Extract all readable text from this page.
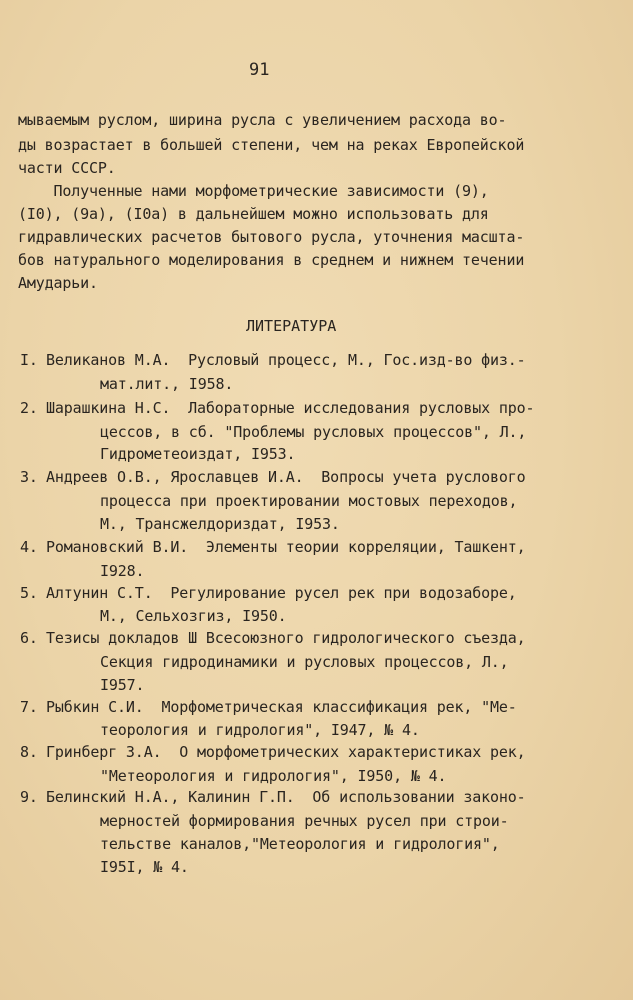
91
мываемым руслом, ширина русла с увеличением расхода во-
ды возрастает в большей степени, чем на реках Европейской
части СССР.
Полученные нами морфометрические зависимости (9),
(I0), (9а), (I0а) в дальнейшем можно использовать для
гидравлических расчетов бытового русла, уточнения масшта-
бов натурального моделирования в среднем и нижнем течении
Амударьи.
ЛИТЕРАТУРА
I. Великанов М.А.  Русловый процесс, М., Гос.изд-во физ.-
мат.лит., I958.
2. Шарашкина Н.С.  Лабораторные исследования русловых про-
цессов, в сб. "Проблемы русловых процессов", Л.,
Гидрометеоиздат, I953.
3. Андреев О.В., Ярославцев И.А.  Вопросы учета руслового
процесса при проектировании мостовых переходов,
М., Трансжелдориздат, I953.
4. Романовский В.И.  Элементы теории корреляции, Ташкент,
I928.
5. Алтунин С.Т.  Регулирование русел рек при водозаборе,
М., Сельхозгиз, I950.
6. Тезисы докладов Ш Всесоюзного гидрологического съезда,
Секция гидродинамики и русловых процессов, Л.,
I957.
7. Рыбкин С.И.  Морфометрическая классификация рек, "Ме-
теорология и гидрология", I947, № 4.
8. Гринберг З.А.  О морфометрических характеристиках рек,
"Метеорология и гидрология", I950, № 4.
9. Белинский Н.А., Калинин Г.П.  Об использовании законо-
мерностей формирования речных русел при строи-
тельстве каналов,"Метеорология и гидрология",
I95I, № 4.
